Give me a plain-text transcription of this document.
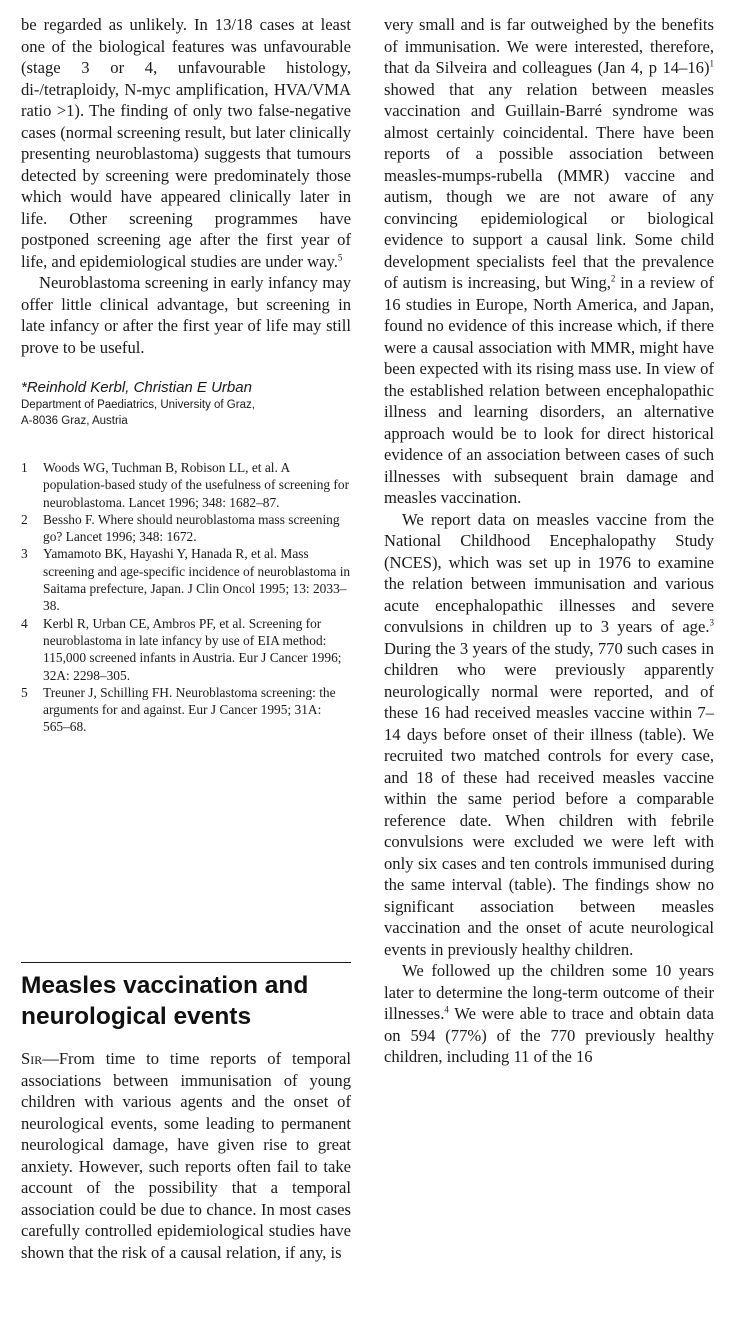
be regarded as unlikely. In 13/18 cases at least one of the biological features was unfavourable (stage 3 or 4, unfavourable histology, di-/tetraploidy, N-myc amplification, HVA/VMA ratio >1). The finding of only two false-negative cases (normal screening result, but later clinically presenting neuroblastoma) suggests that tumours detected by screening were predominately those which would have appeared clinically later in life. Other screening programmes have postponed screening age after the first year of life, and epidemiological studies are under way.$^5$

Neuroblastoma screening in early infancy may offer little clinical advantage, but screening in late infancy or after the first year of life may still prove to be useful.

*Reinhold Kerbl, Christian E Urban
Department of Paediatrics, University of Graz,
A-8036 Graz, Austria
1 Woods WG, Tuchman B, Robison LL, et al. A population-based study of the usefulness of screening for neuroblastoma. Lancet 1996; 348: 1682–87.
2 Bessho F. Where should neuroblastoma mass screening go? Lancet 1996; 348: 1672.
3 Yamamoto BK, Hayashi Y, Hanada R, et al. Mass screening and age-specific incidence of neuroblastoma in Saitama prefecture, Japan. J Clin Oncol 1995; 13: 2033–38.
4 Kerbl R, Urban CE, Ambros PF, et al. Screening for neuroblastoma in late infancy by use of EIA method: 115,000 screened infants in Austria. Eur J Cancer 1996; 32A: 2298–305.
5 Treuner J, Schilling FH. Neuroblastoma screening: the arguments for and against. Eur J Cancer 1995; 31A: 565–68.
Measles vaccination and neurological events

Sir—From time to time reports of temporal associations between immunisation of young children with various agents and the onset of neurological events, some leading to permanent neurological damage, have given rise to great anxiety. However, such reports often fail to take account of the possibility that a temporal association could be due to chance. In most cases carefully controlled epidemiological studies have shown that the risk of a causal relation, if any, is

very small and is far outweighed by the benefits of immunisation. We were interested, therefore, that da Silveira and colleagues (Jan 4, p 14–16)$^1$ showed that any relation between measles vaccination and Guillain-Barré syndrome was almost certainly coincidental. There have been reports of a possible association between measles-mumps-rubella (MMR) vaccine and autism, though we are not aware of any convincing epidemiological or biological evidence to support a causal link. Some child development specialists feel that the prevalence of autism is increasing, but Wing,$^2$ in a review of 16 studies in Europe, North America, and Japan, found no evidence of this increase which, if there were a causal association with MMR, might have been expected with its rising mass use. In view of the established relation between encephalopathic illness and learning disorders, an alternative approach would be to look for direct historical evidence of an association between cases of such illnesses with subsequent brain damage and measles vaccination.

We report data on measles vaccine from the National Childhood Encephalopathy Study (NCES), which was set up in 1976 to examine the relation between immunisation and various acute encephalopathic illnesses and severe convulsions in children up to 3 years of age.$^3$ During the 3 years of the study, 770 such cases in children who were previously apparently neurologically normal were reported, and of these 16 had received measles vaccine within 7–14 days before onset of their illness (table). We recruited two matched controls for every case, and 18 of these had received measles vaccine within the same period before a comparable reference date. When children with febrile convulsions were excluded we were left with only six cases and ten controls immunised during the same interval (table). The findings show no significant association between measles vaccination and the onset of acute neurological events in previously healthy children.

We followed up the children some 10 years later to determine the long-term outcome of their illnesses.$^4$ We were able to trace and obtain data on 594 (77%) of the 770 previously healthy children, including 11 of the 16
